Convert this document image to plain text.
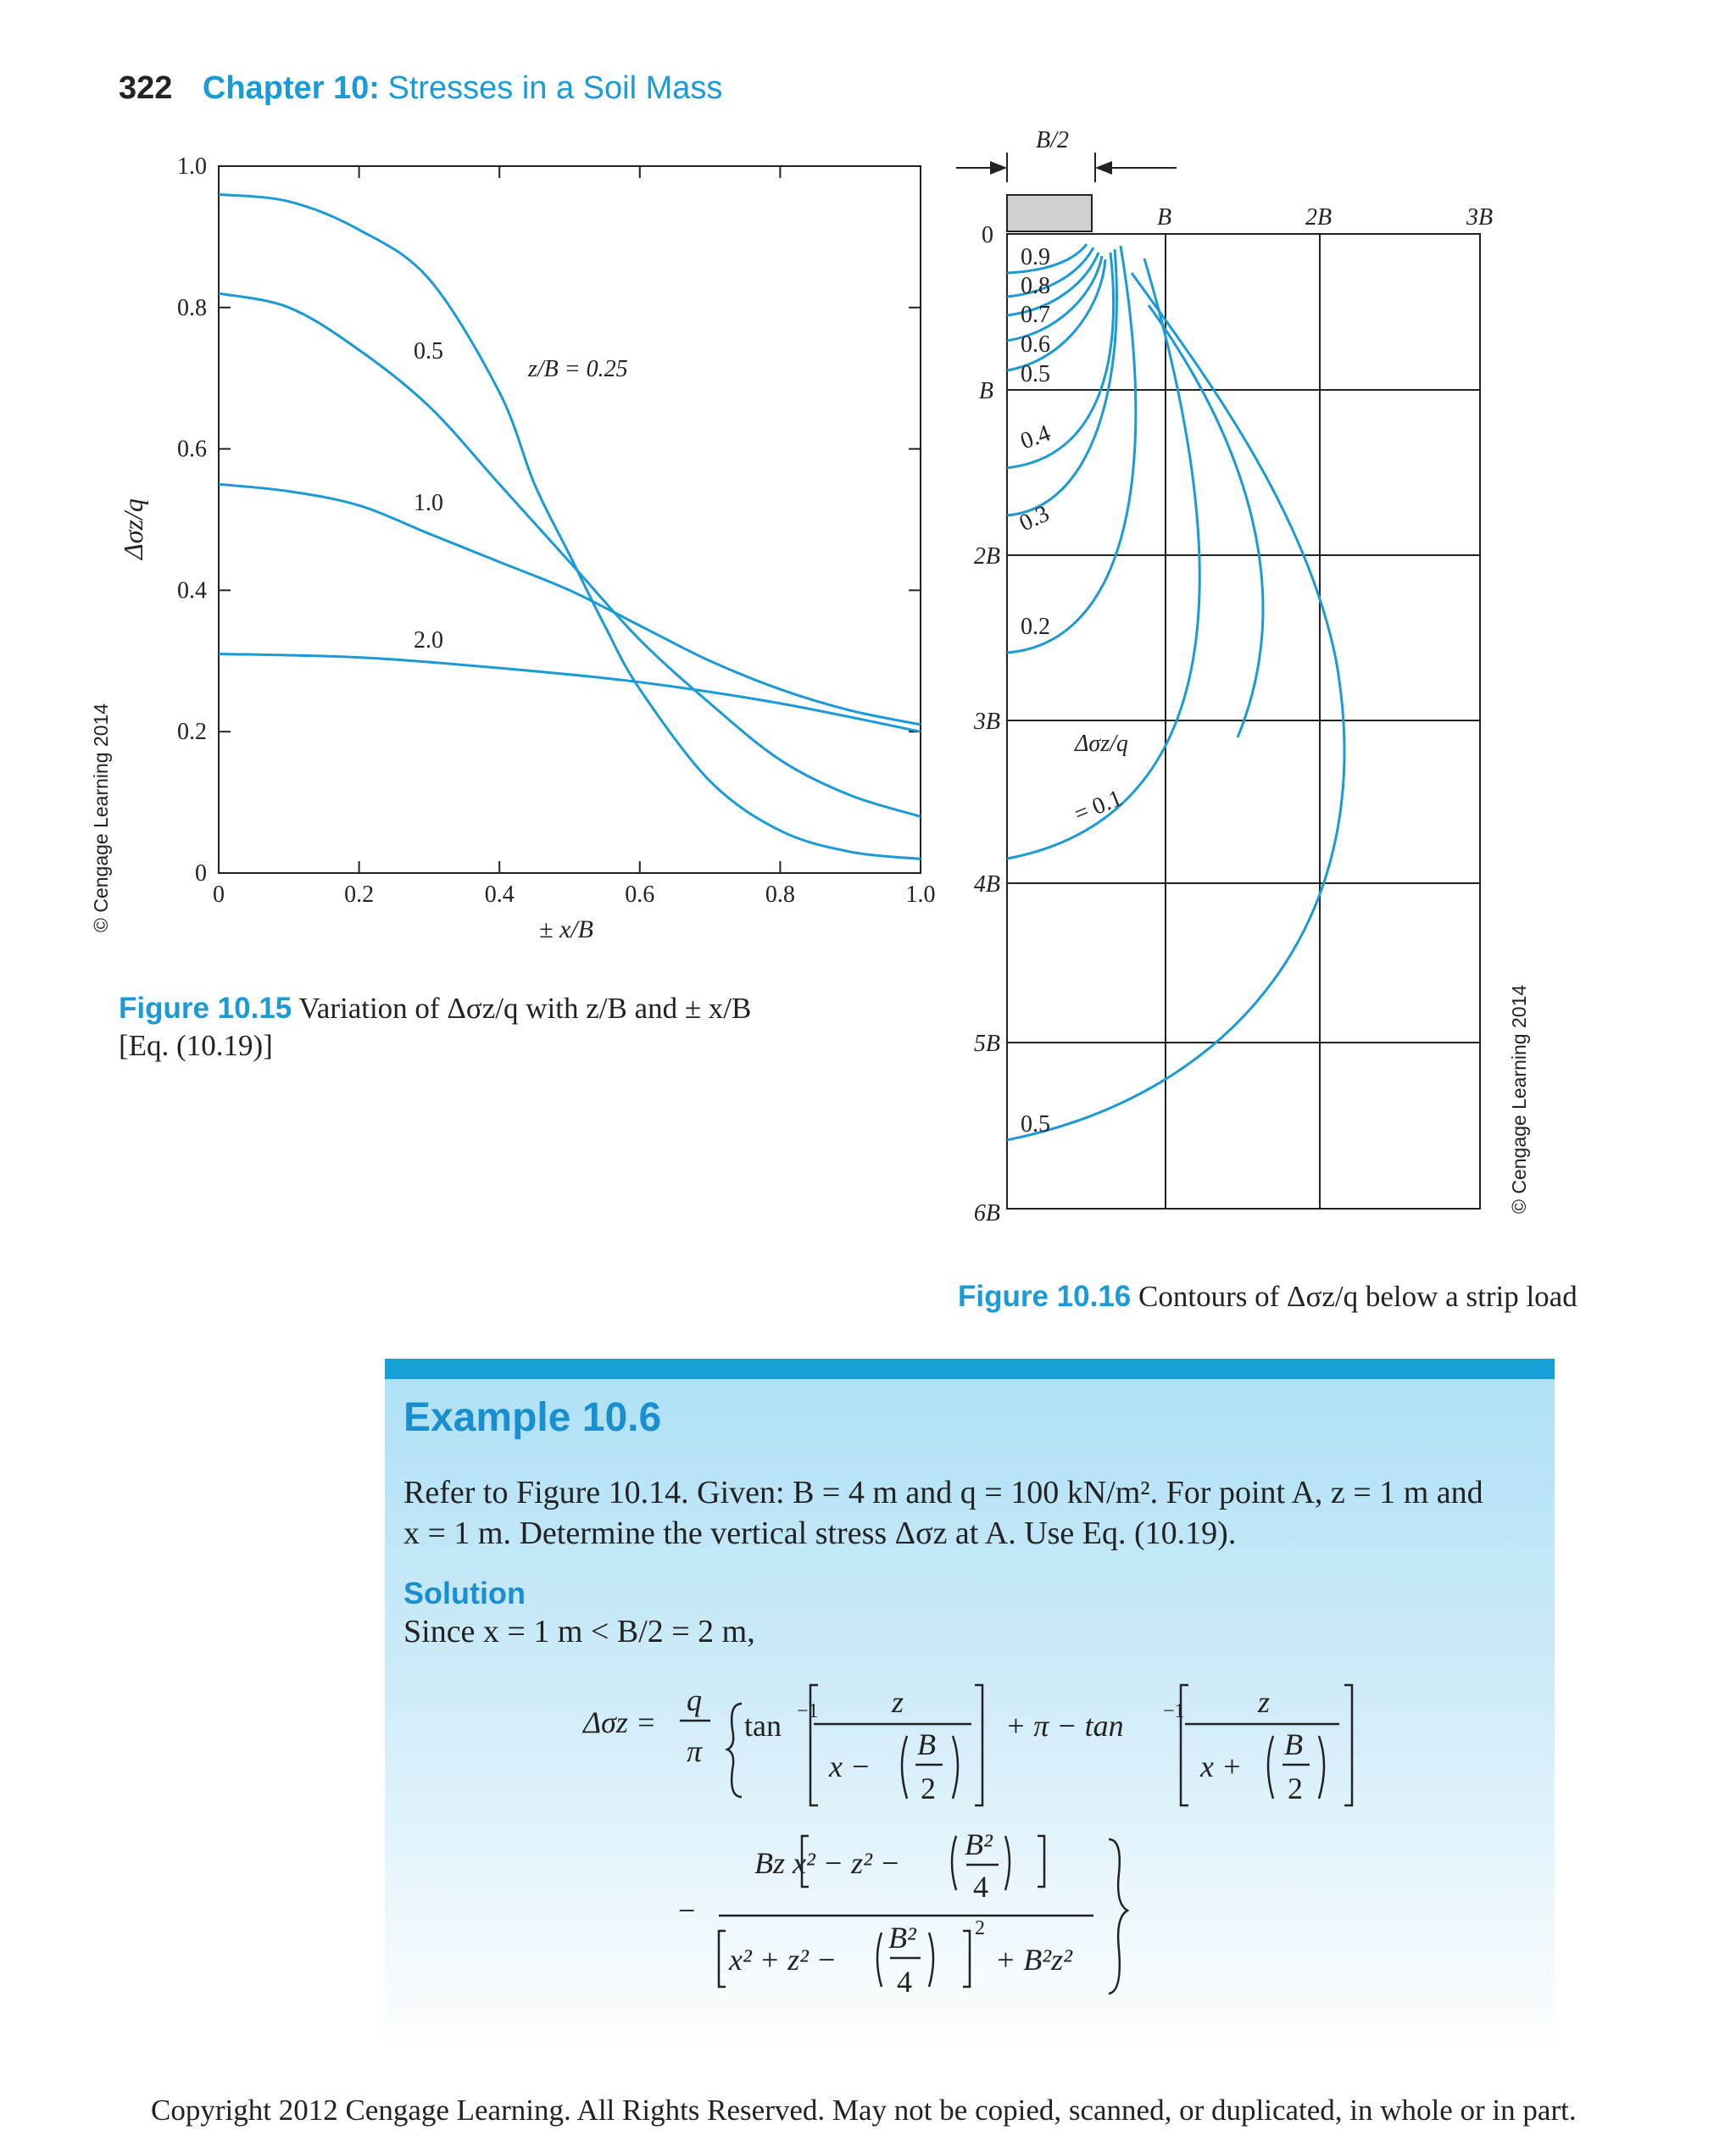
322 Chapter 10: Stresses in a Soil Mass
0	0.2	0.4	0.6	0.8	1.0
0
0.2
0.4
0.6
0.8
1.0
0.5
z/B = 0.25
1.0
2.0
± x/B
Δσz/q
© Cengage Learning 2014
B/2
B	2B	3B
0
B
2B
3B
4B
5B
6B
0.9
0.8
0.7
0.6
0.5
0.4
0.3
0.2
Δσz/q
= 0.1
0.5	© Cengage Learning 2014
Figure 10.15 Variation of Δσz/q with z/B and ± x/B
[Eq. (10.19)]
Figure 10.16 Contours of Δσz/q below a strip load
Example 10.6
Refer to Figure 10.14. Given: B = 4 m and q = 100 kN/m². For point A, z = 1 m and
x = 1 m. Determine the vertical stress Δσz at A. Use Eq. (10.19).
Solution
Since x = 1 m < B/2 = 2 m,
Δσz =
q
π
tan −1 z
x −
B
2
+ π − tan −1 z
x +
B
2
−
Bz x² − z² −
B²
4
x² + z² −
B²
4
2
+ B²z²
Copyright 2012 Cengage Learning. All Rights Reserved. May not be copied, scanned, or duplicated, in whole or in part.
